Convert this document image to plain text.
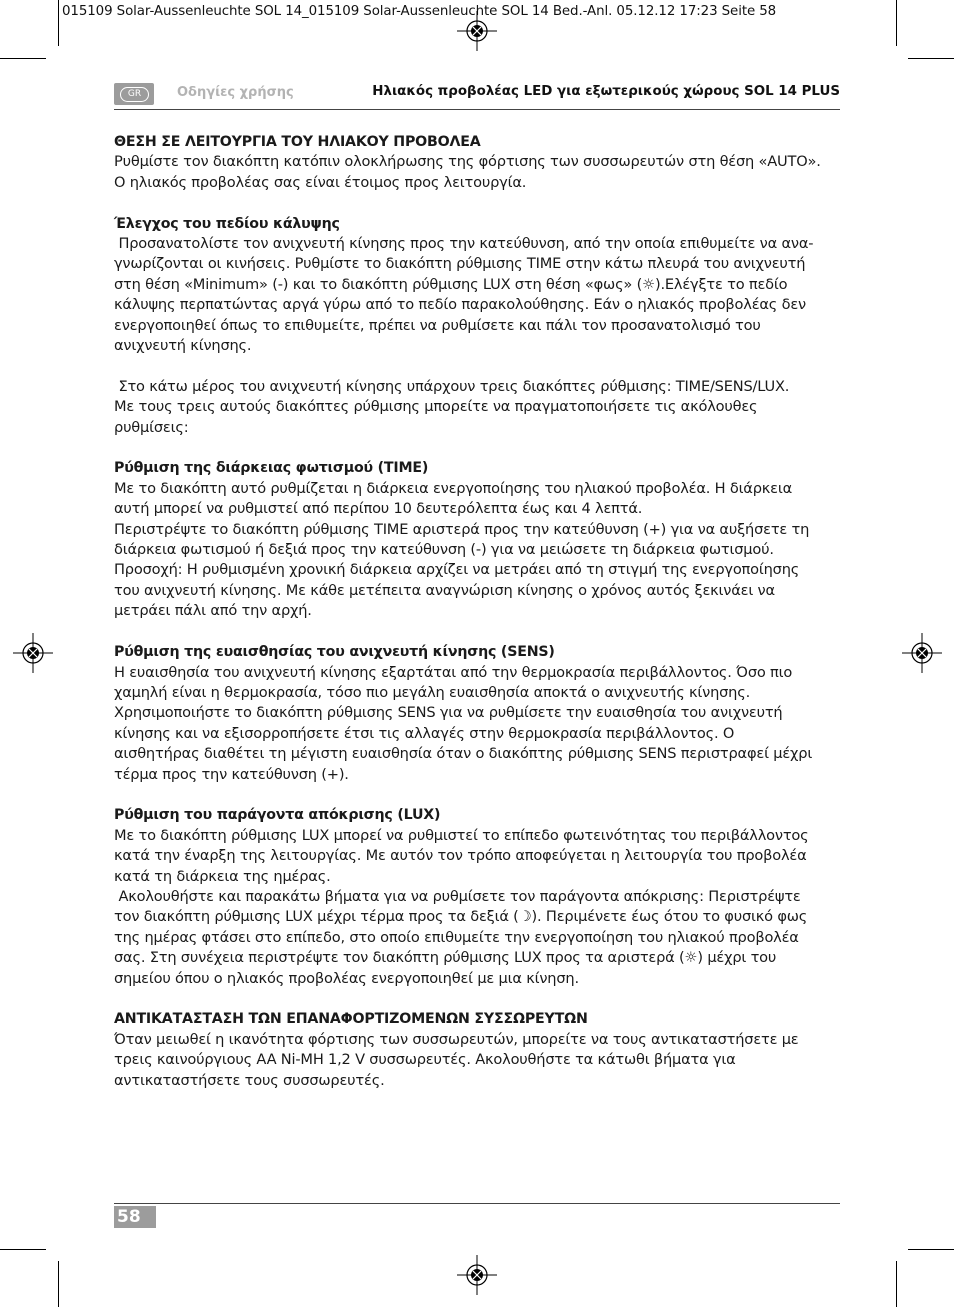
015109 Solar-Aussenleuchte SOL 14_015109 Solar-Aussenleuchte SOL 14 Bed.-Anl. 05.12.12 17:23 Seite 58
GR	Οδηγίες χρήσης	Ηλιακός προβολέας LED για εξωτερικούς χώρους SOL 14 PLUS
ΘΕΣΗ ΣΕ ΛΕΙΤΟΥΡΓΙΑ ΤΟΥ ΗΛΙΑΚΟΥ ΠΡΟΒΟΛΕΑ

Ρυθμίστε τον διακόπτη κατόπιν ολοκλήρωσης της φόρτισης των συσσωρευτών στη θέση «AUTO».
Ο ηλιακός προβολέας σας είναι έτοιμος προς λειτουργία.

Έλεγχος του πεδίου κάλυψης

Προσανατολίστε τον ανιχνευτή κίνησης προς την κατεύθυνση, από την οποία επιθυμείτε να ανα-
γνωρίζονται οι κινήσεις. Ρυθμίστε το διακόπτη ρύθμισης TIME στην κάτω πλευρά του ανιχνευτή
στη θέση «Minimum» (-) και το διακόπτη ρύθμισης LUX στη θέση «φως» (☼).Ελέγξτε το πεδίο
κάλυψης περπατώντας αργά γύρω από το πεδίο παρακολούθησης. Εάν ο ηλιακός προβολέας δεν
ενεργοποιηθεί όπως το επιθυμείτε, πρέπει να ρυθμίσετε και πάλι τον προσανατολισμό του
ανιχνευτή κίνησης.

Στο κάτω μέρος του ανιχνευτή κίνησης υπάρχουν τρεις διακόπτες ρύθμισης: TIME/SENS/LUX.
Με τους τρεις αυτούς διακόπτες ρύθμισης μπορείτε να πραγματοποιήσετε τις ακόλουθες
ρυθμίσεις:

Ρύθμιση της διάρκειας φωτισμού (TIME)

Με το διακόπτη αυτό ρυθμίζεται η διάρκεια ενεργοποίησης του ηλιακού προβολέα. Η διάρκεια
αυτή μπορεί να ρυθμιστεί από περίπου 10 δευτερόλεπτα έως και 4 λεπτά.
Περιστρέψτε το διακόπτη ρύθμισης TIME αριστερά προς την κατεύθυνση (+) για να αυξήσετε τη
διάρκεια φωτισμού ή δεξιά προς την κατεύθυνση (-) για να μειώσετε τη διάρκεια φωτισμού.
Προσοχή: Η ρυθμισμένη χρονική διάρκεια αρχίζει να μετράει από τη στιγμή της ενεργοποίησης
του ανιχνευτή κίνησης. Με κάθε μετέπειτα αναγνώριση κίνησης ο χρόνος αυτός ξεκινάει να
μετράει πάλι από την αρχή.

Ρύθμιση της ευαισθησίας του ανιχνευτή κίνησης (SENS)

Η ευαισθησία του ανιχνευτή κίνησης εξαρτάται από την θερμοκρασία περιβάλλοντος. Όσο πιο
χαμηλή είναι η θερμοκρασία, τόσο πιο μεγάλη ευαισθησία αποκτά ο ανιχνευτής κίνησης.
Χρησιμοποιήστε το διακόπτη ρύθμισης SENS για να ρυθμίσετε την ευαισθησία του ανιχνευτή
κίνησης και να εξισορροπήσετε έτσι τις αλλαγές στην θερμοκρασία περιβάλλοντος. Ο
αισθητήρας διαθέτει τη μέγιστη ευαισθησία όταν ο διακόπτης ρύθμισης SENS περιστραφεί μέχρι
τέρμα προς την κατεύθυνση (+).

Ρύθμιση του παράγοντα απόκρισης (LUX)

Με το διακόπτη ρύθμισης LUX μπορεί να ρυθμιστεί το επίπεδο φωτεινότητας του περιβάλλοντος
κατά την έναρξη της λειτουργίας. Με αυτόν τον τρόπο αποφεύγεται η λειτουργία του προβολέα
κατά τη διάρκεια της ημέρας.
Ακολουθήστε και παρακάτω βήματα για να ρυθμίσετε τον παράγοντα απόκρισης: Περιστρέψτε
τον διακόπτη ρύθμισης LUX μέχρι τέρμα προς τα δεξιά (☽). Περιμένετε έως ότου το φυσικό φως
της ημέρας φτάσει στο επίπεδο, στο οποίο επιθυμείτε την ενεργοποίηση του ηλιακού προβολέα
σας. Στη συνέχεια περιστρέψτε τον διακόπτη ρύθμισης LUX προς τα αριστερά (☼) μέχρι του
σημείου όπου ο ηλιακός προβολέας ενεργοποιηθεί με μια κίνηση.

ΑΝΤΙΚΑΤΑΣΤΑΣΗ ΤΩΝ ΕΠΑΝΑΦΟΡΤΙΖΟΜΕΝΩΝ ΣΥΣΣΩΡΕΥΤΩΝ

Όταν μειωθεί η ικανότητα φόρτισης των συσσωρευτών, μπορείτε να τους αντικαταστήσετε με
τρεις καινούργιους AA Ni-MH 1,2 V συσσωρευτές. Ακολουθήστε τα κάτωθι βήματα για
αντικαταστήσετε τους συσσωρευτές.

58
